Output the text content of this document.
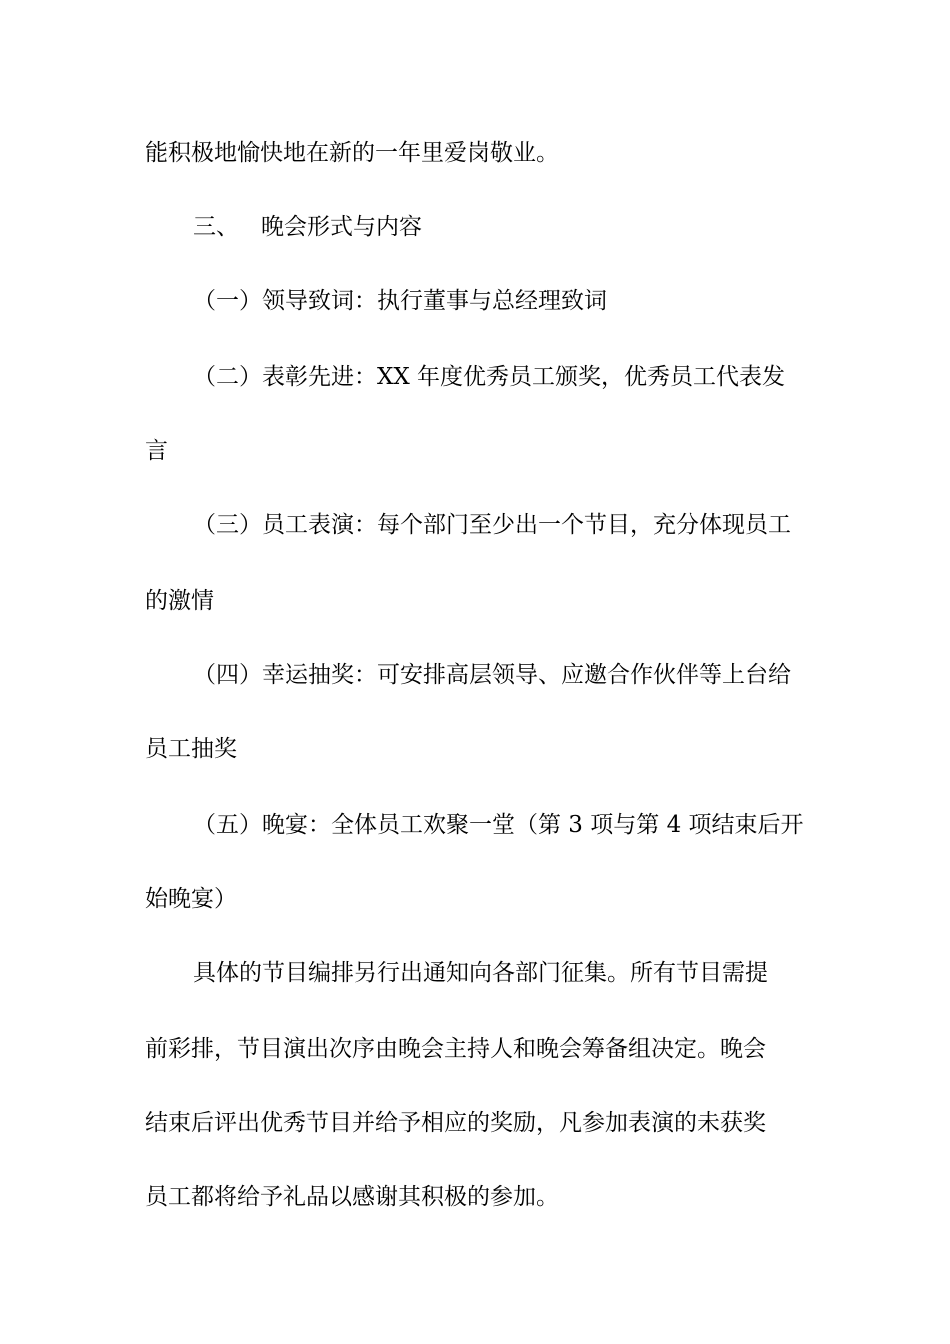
能积极地愉快地在新的一年里爱岗敬业。
三、 晚会形式与内容
（一）领导致词：执行董事与总经理致词
（二）表彰先进：XX 年度优秀员工颁奖，优秀员工代表发
言
（三）员工表演：每个部门至少出一个节目，充分体现员工
的激情
（四）幸运抽奖：可安排高层领导、应邀合作伙伴等上台给
员工抽奖
（五）晚宴：全体员工欢聚一堂（第 3 项与第 4 项结束后开
始晚宴）
具体的节目编排另行出通知向各部门征集。所有节目需提
前彩排，节目演出次序由晚会主持人和晚会筹备组决定。晚会
结束后评出优秀节目并给予相应的奖励，凡参加表演的未获奖
员工都将给予礼品以感谢其积极的参加。
